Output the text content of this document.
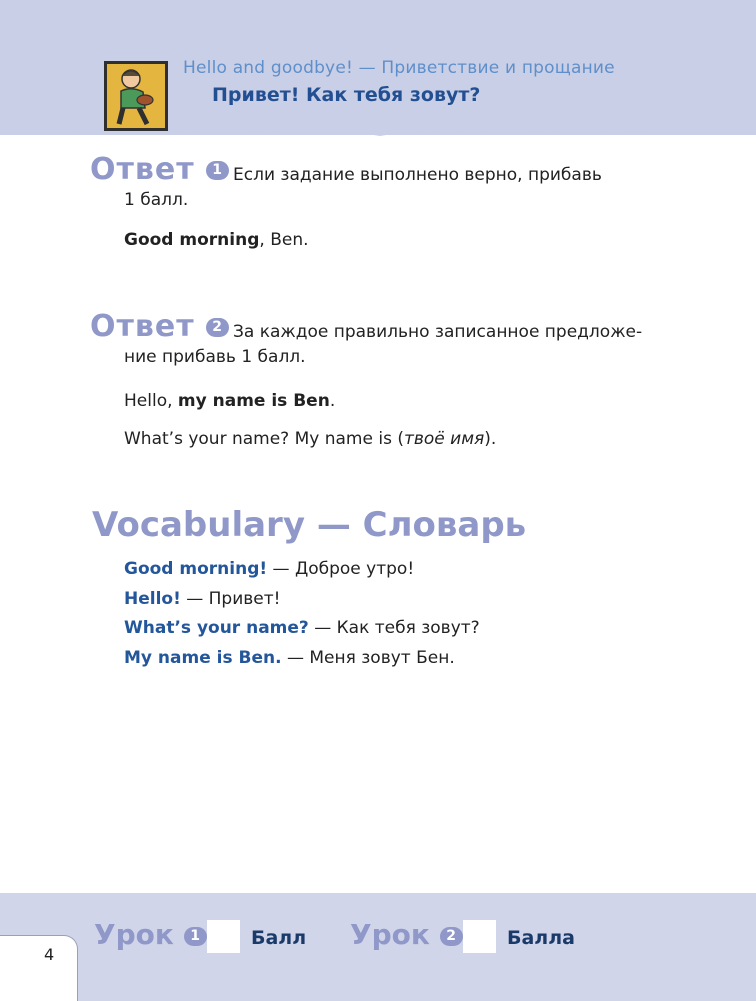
Hello and goodbye! — Приветствие и прощание
Привет! Как тебя зовут?
Ответ 1 Если задание выполнено верно, прибавь
1 балл.
Good morning, Ben.
Ответ 2 За каждое правильно записанное предложе-
ние прибавь 1 балл.
Hello, my name is Ben.
What’s your name? My name is (твоё имя).
Vocabulary — Словарь
Good morning! — Доброе утро!
Hello! — Привет!
What’s your name? — Как тебя зовут?
My name is Ben. — Меня зовут Бен.
Урок 1	Балл Урок 2	Балла
4
